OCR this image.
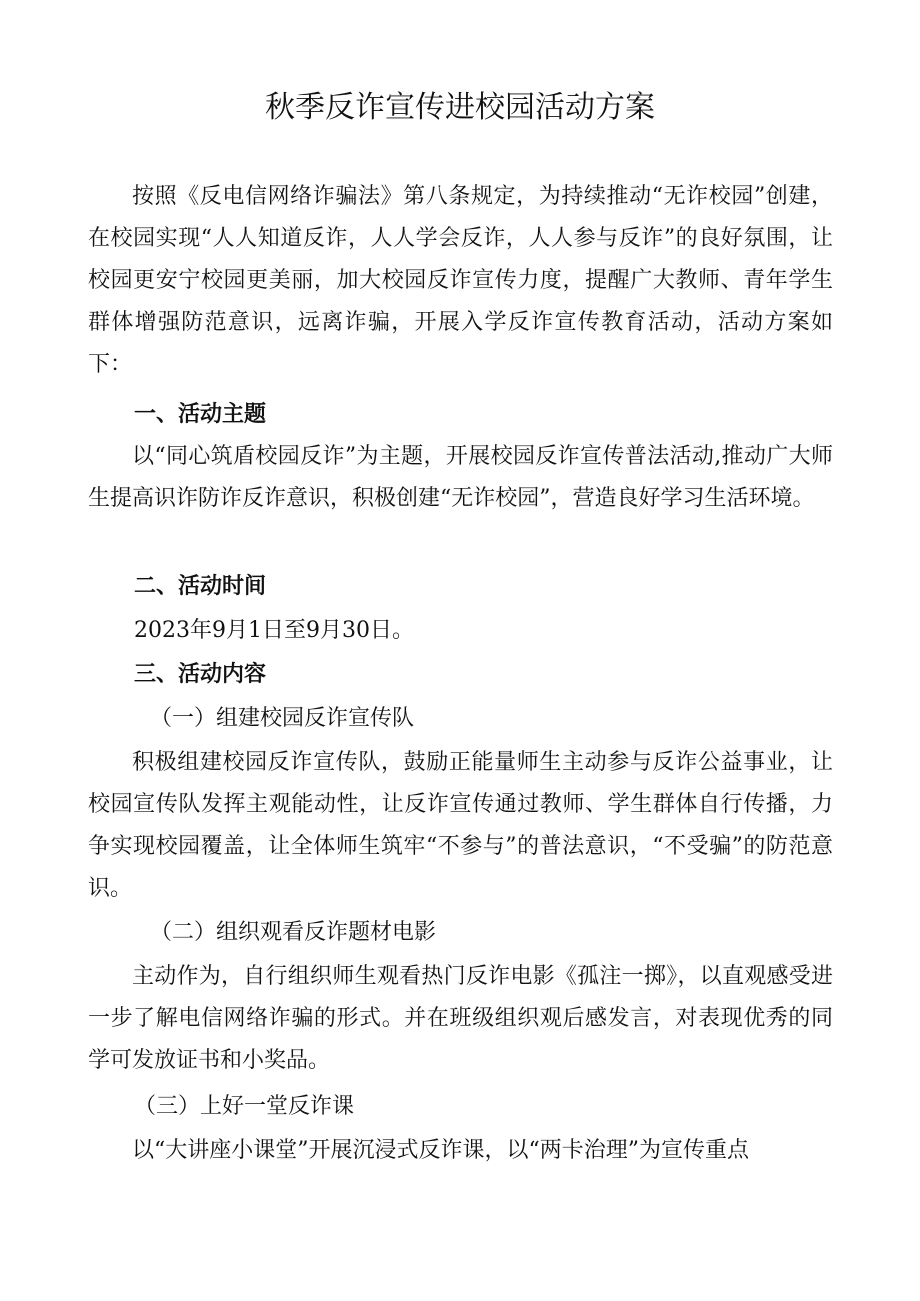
秋季反诈宣传进校园活动方案

按照《反电信网络诈骗法》第八条规定，为持续推动“无诈校园”创建，在校园实现“人人知道反诈，人人学会反诈，人人参与反诈”的良好氛围，让校园更安宁校园更美丽，加大校园反诈宣传力度，提醒广大教师、青年学生群体增强防范意识，远离诈骗，开展入学反诈宣传教育活动，活动方案如下：

一、活动主题

以“同心筑盾校园反诈”为主题，开展校园反诈宣传普法活动,推动广大师生提高识诈防诈反诈意识，积极创建“无诈校园”，营造良好学习生活环境。

二、活动时间

2023年9月1日至9月30日。

三、活动内容

（一）组建校园反诈宣传队

积极组建校园反诈宣传队，鼓励正能量师生主动参与反诈公益事业，让校园宣传队发挥主观能动性，让反诈宣传通过教师、学生群体自行传播，力争实现校园覆盖，让全体师生筑牢“不参与”的普法意识，“不受骗”的防范意识。

（二）组织观看反诈题材电影

主动作为，自行组织师生观看热门反诈电影《孤注一掷》，以直观感受进一步了解电信网络诈骗的形式。并在班级组织观后感发言，对表现优秀的同学可发放证书和小奖品。

（三）上好一堂反诈课

以“大讲座小课堂”开展沉浸式反诈课，以“两卡治理”为宣传重点
